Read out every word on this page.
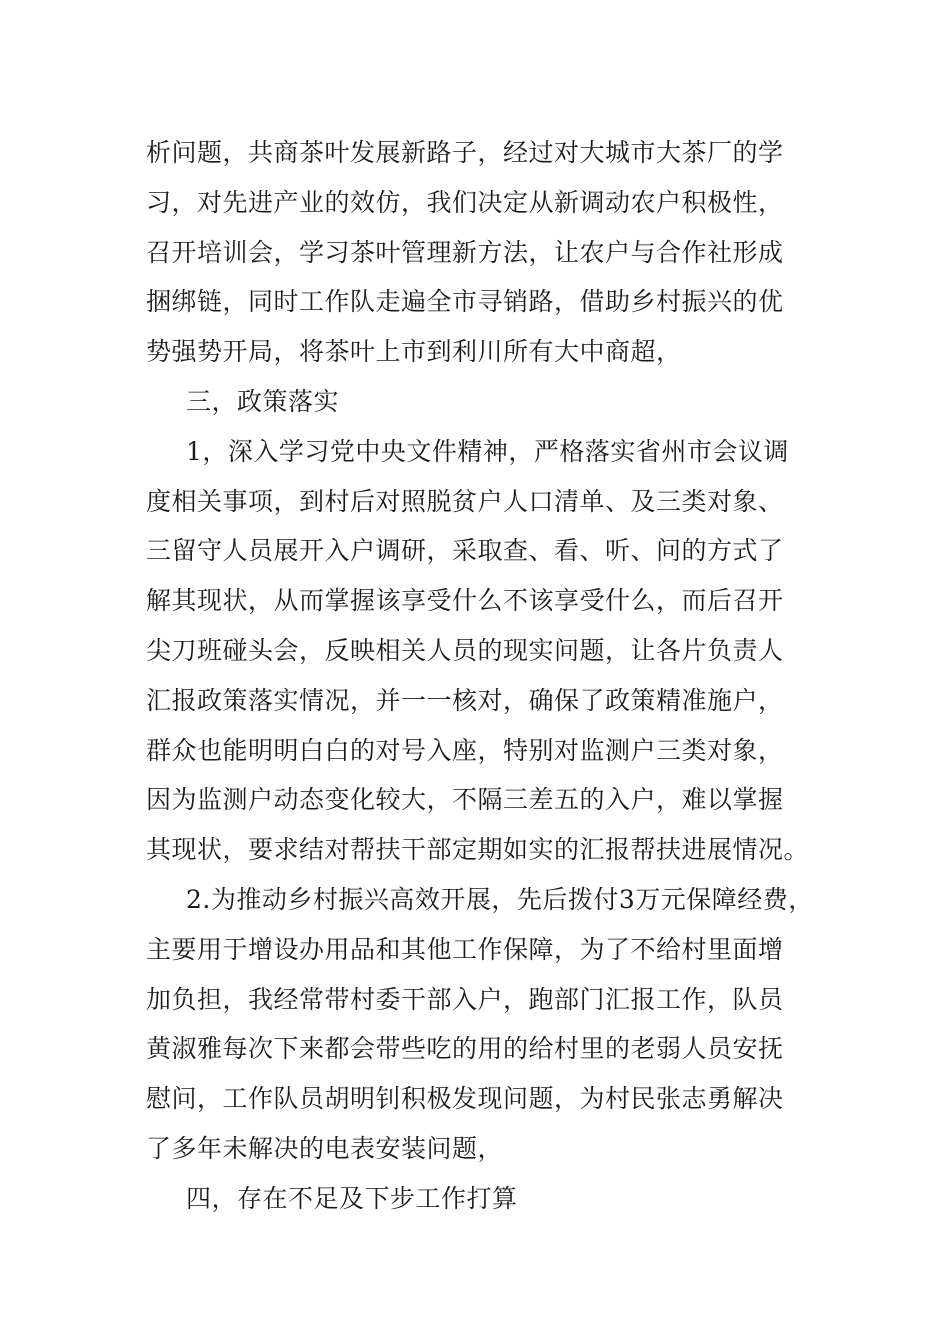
析问题，共商茶叶发展新路子，经过对大城市大茶厂的学
习，对先进产业的效仿，我们决定从新调动农户积极性，
召开培训会，学习茶叶管理新方法，让农户与合作社形成
捆绑链，同时工作队走遍全市寻销路，借助乡村振兴的优
势强势开局，将茶叶上市到利川所有大中商超，
三，政策落实
1，深入学习党中央文件精神，严格落实省州市会议调
度相关事项，到村后对照脱贫户人口清单、及三类对象、
三留守人员展开入户调研，采取查、看、听、问的方式了
解其现状，从而掌握该享受什么不该享受什么，而后召开
尖刀班碰头会，反映相关人员的现实问题，让各片负责人
汇报政策落实情况，并一一核对，确保了政策精准施户，
群众也能明明白白的对号入座，特别对监测户三类对象，
因为监测户动态变化较大，不隔三差五的入户，难以掌握
其现状，要求结对帮扶干部定期如实的汇报帮扶进展情况。
2.为推动乡村振兴高效开展，先后拨付3万元保障经费，
主要用于增设办用品和其他工作保障，为了不给村里面增
加负担，我经常带村委干部入户，跑部门汇报工作，队员
黄淑雅每次下来都会带些吃的用的给村里的老弱人员安抚
慰问，工作队员胡明钊积极发现问题，为村民张志勇解决
了多年未解决的电表安装问题，
四，存在不足及下步工作打算
